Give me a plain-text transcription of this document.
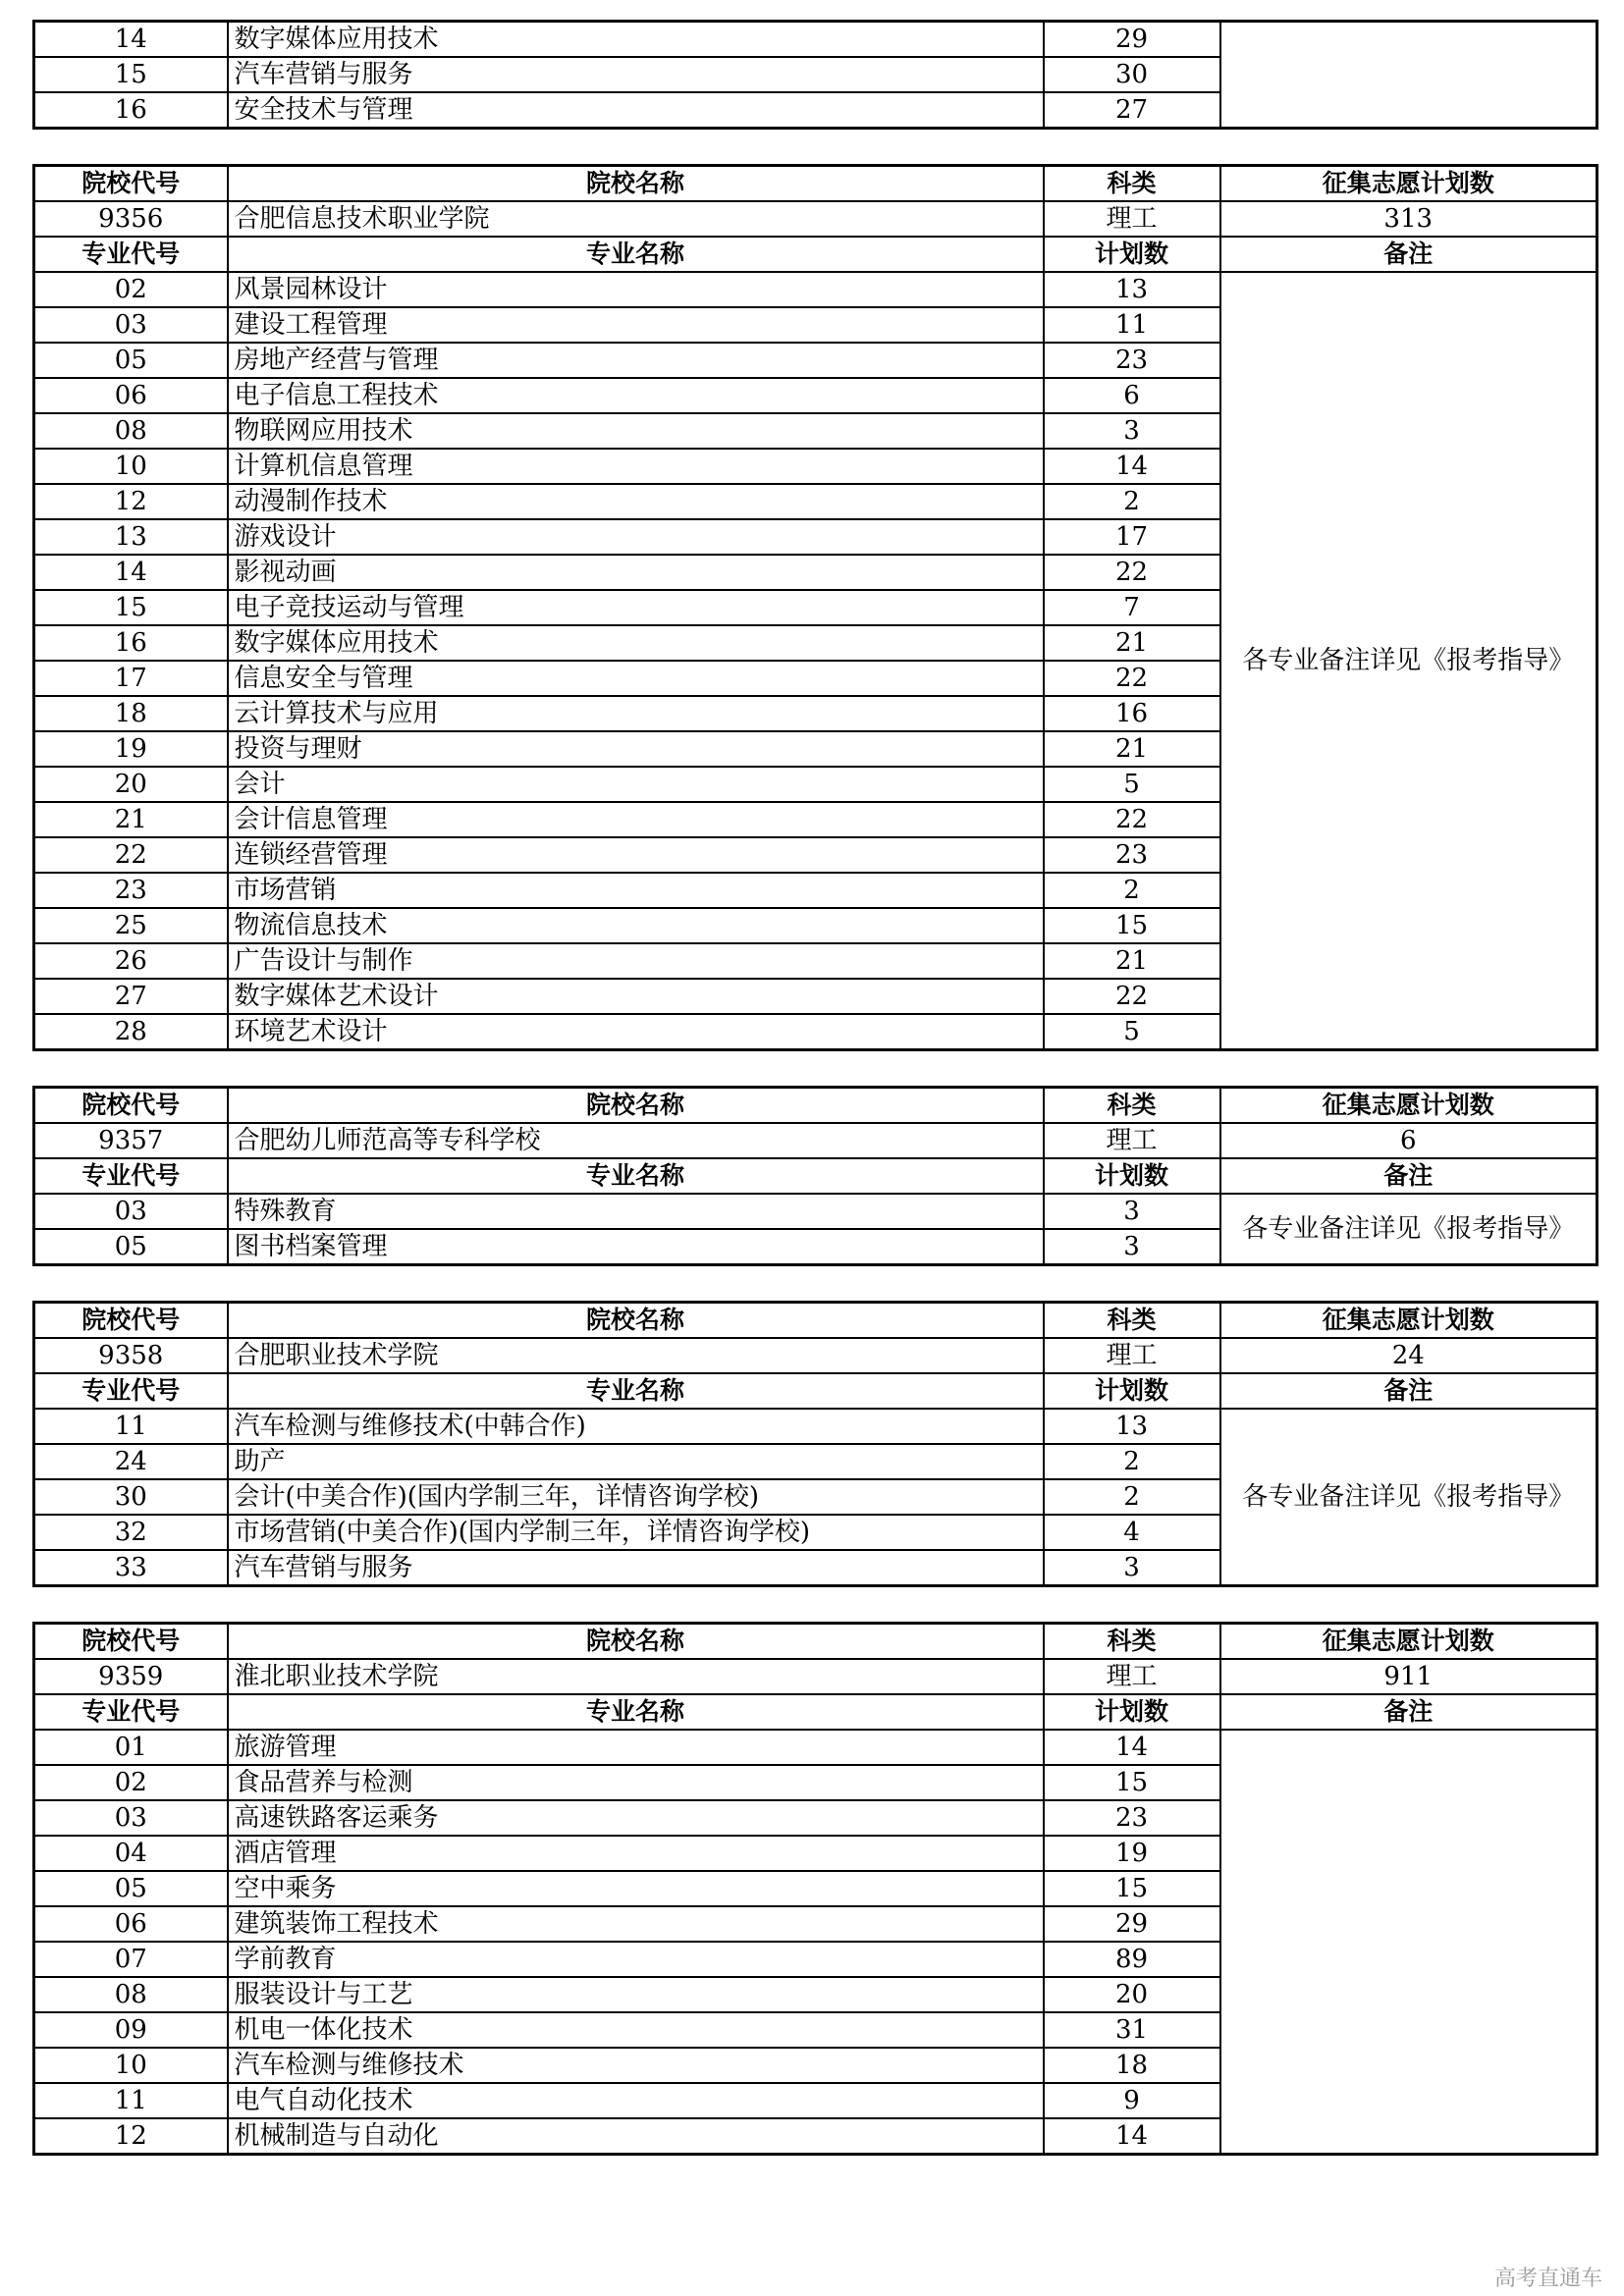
14	数字媒体应用技术	29	
15	汽车营销与服务	30	
16	安全技术与管理	27	
院校代号	院校名称	科类	征集志愿计划数
9356	合肥信息技术职业学院	理工	313
专业代号	专业名称	计划数	备注
02	风景园林设计	13	各专业备注详见《报考指导》
03	建设工程管理	11	
05	房地产经营与管理	23	
06	电子信息工程技术	6	
08	物联网应用技术	3	
10	计算机信息管理	14	
12	动漫制作技术	2	
13	游戏设计	17	
14	影视动画	22	
15	电子竞技运动与管理	7	
16	数字媒体应用技术	21	
17	信息安全与管理	22	
18	云计算技术与应用	16	
19	投资与理财	21	
20	会计	5	
21	会计信息管理	22	
22	连锁经营管理	23	
23	市场营销	2	
25	物流信息技术	15	
26	广告设计与制作	21	
27	数字媒体艺术设计	22	
28	环境艺术设计	5	
院校代号	院校名称	科类	征集志愿计划数
9357	合肥幼儿师范高等专科学校	理工	6
专业代号	专业名称	计划数	备注
03	特殊教育	3	各专业备注详见《报考指导》
05	图书档案管理	3	
院校代号	院校名称	科类	征集志愿计划数
9358	合肥职业技术学院	理工	24
专业代号	专业名称	计划数	备注
11	汽车检测与维修技术(中韩合作)	13	各专业备注详见《报考指导》
24	助产	2	
30	会计(中美合作)(国内学制三年，详情咨询学校)	2	
32	市场营销(中美合作)(国内学制三年，详情咨询学校)	4	
33	汽车营销与服务	3	
院校代号	院校名称	科类	征集志愿计划数
9359	淮北职业技术学院	理工	911
专业代号	专业名称	计划数	备注
01	旅游管理	14	
02	食品营养与检测	15	
03	高速铁路客运乘务	23	
04	酒店管理	19	
05	空中乘务	15	
06	建筑装饰工程技术	29	
07	学前教育	89	
08	服装设计与工艺	20	
09	机电一体化技术	31	
10	汽车检测与维修技术	18	
11	电气自动化技术	9	
12	机械制造与自动化	14	
高考直通车
